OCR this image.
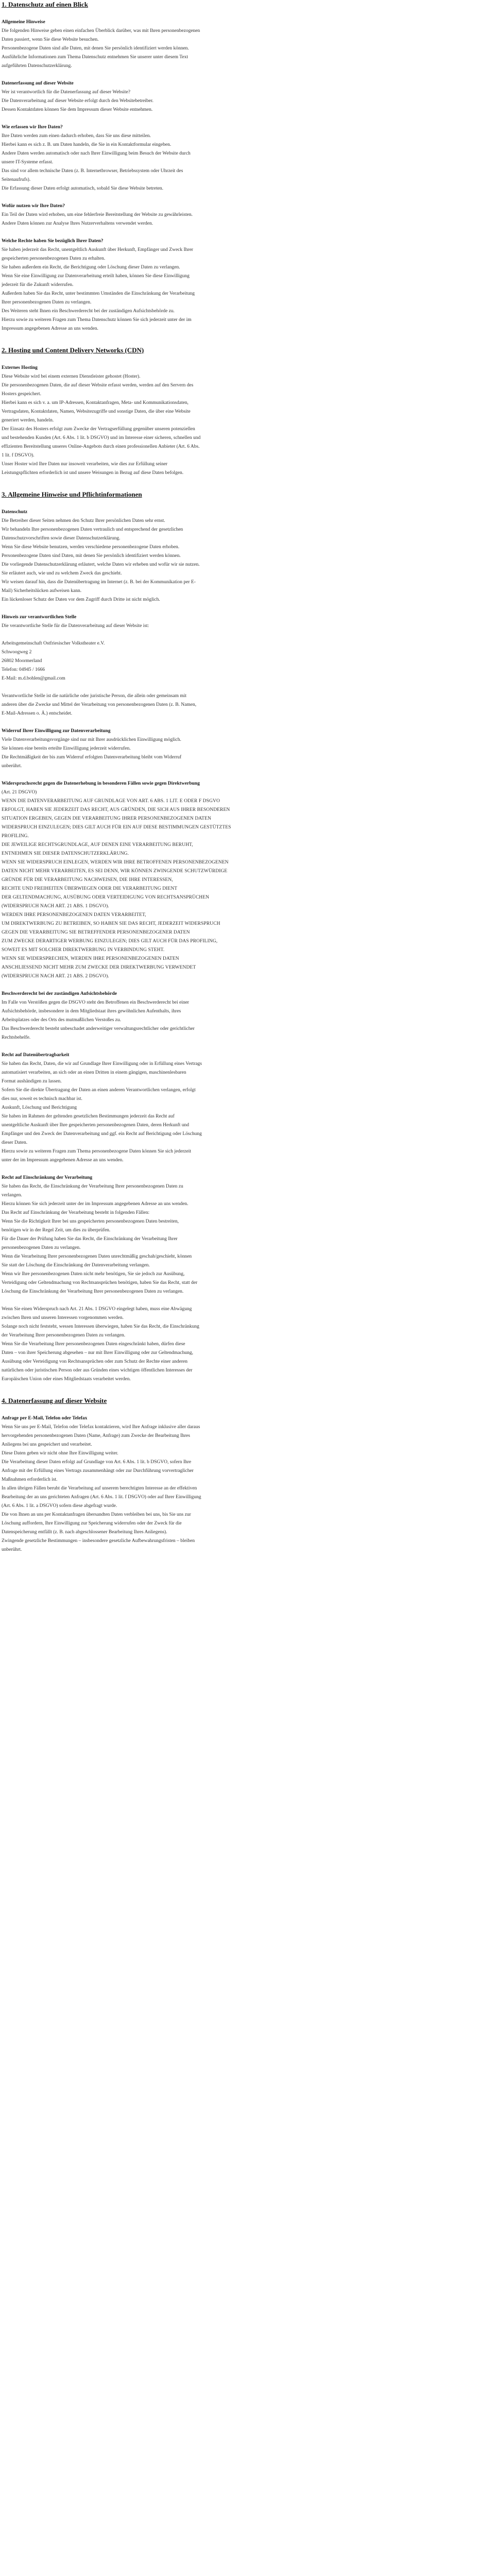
1. Datenschutz auf einen Blick
Allgemeine Hinweise
Die folgenden Hinweise geben einen einfachen Überblick darüber, was mit Ihren personenbezogenen
Daten passiert, wenn Sie diese Website besuchen.
Personenbezogene Daten sind alle Daten, mit denen Sie persönlich identifiziert werden können.
Ausführliche Informationen zum Thema Datenschutz entnehmen Sie unserer unter diesem Text
aufgeführten Datenschutzerklärung.
Datenerfassung auf dieser Website
Wer ist verantwortlich für die Datenerfassung auf dieser Website?
Die Datenverarbeitung auf dieser Website erfolgt durch den Websitebetreiber.
Dessen Kontaktdaten können Sie dem Impressum dieser Website entnehmen.
Wie erfassen wir Ihre Daten?
Ihre Daten werden zum einen dadurch erhoben, dass Sie uns diese mitteilen.
Hierbei kann es sich z. B. um Daten handeln, die Sie in ein Kontaktformular eingeben.
Andere Daten werden automatisch oder nach Ihrer Einwilligung beim Besuch der Website durch
unsere IT-Systeme erfasst.
Das sind vor allem technische Daten (z. B. Internetbrowser, Betriebssystem oder Uhrzeit des
Seitenaufrufs).
Die Erfassung dieser Daten erfolgt automatisch, sobald Sie diese Website betreten.
Wofür nutzen wir Ihre Daten?
Ein Teil der Daten wird erhoben, um eine fehlerfreie Bereitstellung der Website zu gewährleisten.
Andere Daten können zur Analyse Ihres Nutzerverhaltens verwendet werden.
Welche Rechte haben Sie bezüglich Ihrer Daten?
Sie haben jederzeit das Recht, unentgeltlich Auskunft über Herkunft, Empfänger und Zweck Ihrer
gespeicherten personenbezogenen Daten zu erhalten.
Sie haben außerdem ein Recht, die Berichtigung oder Löschung dieser Daten zu verlangen.
Wenn Sie eine Einwilligung zur Datenverarbeitung erteilt haben, können Sie diese Einwilligung
jederzeit für die Zukunft widerrufen.
Außerdem haben Sie das Recht, unter bestimmten Umständen die Einschränkung der Verarbeitung
Ihrer personenbezogenen Daten zu verlangen.
Des Weiteren steht Ihnen ein Beschwerderecht bei der zuständigen Aufsichtsbehörde zu.
Hierzu sowie zu weiteren Fragen zum Thema Datenschutz können Sie sich jederzeit unter der im
Impressum angegebenen Adresse an uns wenden.
2. Hosting und Content Delivery Networks (CDN)
Externes Hosting
Diese Website wird bei einem externen Dienstleister gehostet (Hoster).
Die personenbezogenen Daten, die auf dieser Website erfasst werden, werden auf den Servern des
Hosters gespeichert.
Hierbei kann es sich v. a. um IP-Adressen, Kontaktanfragen, Meta- und Kommunikationsdaten,
Vertragsdaten, Kontaktdaten, Namen, Websitezugriffe und sonstige Daten, die über eine Website
generiert werden, handeln.
Der Einsatz des Hosters erfolgt zum Zwecke der Vertragserfüllung gegenüber unseren potenziellen
und bestehenden Kunden (Art. 6 Abs. 1 lit. b DSGVO) und im Interesse einer sicheren, schnellen und
effizienten Bereitstellung unseres Online-Angebots durch einen professionellen Anbieter (Art. 6 Abs.
1 lit. f DSGVO).
Unser Hoster wird Ihre Daten nur insoweit verarbeiten, wie dies zur Erfüllung seiner
Leistungspflichten erforderlich ist und unsere Weisungen in Bezug auf diese Daten befolgen.
3. Allgemeine Hinweise und Pflichtinformationen
Datenschutz
Die Betreiber dieser Seiten nehmen den Schutz Ihrer persönlichen Daten sehr ernst.
Wir behandeln Ihre personenbezogenen Daten vertraulich und entsprechend der gesetzlichen
Datenschutzvorschriften sowie dieser Datenschutzerklärung.
Wenn Sie diese Website benutzen, werden verschiedene personenbezogene Daten erhoben.
Personenbezogene Daten sind Daten, mit denen Sie persönlich identifiziert werden können.
Die vorliegende Datenschutzerklärung erläutert, welche Daten wir erheben und wofür wir sie nutzen.
Sie erläutert auch, wie und zu welchem Zweck das geschieht.
Wir weisen darauf hin, dass die Datenübertragung im Internet (z. B. bei der Kommunikation per E-
Mail) Sicherheitslücken aufweisen kann.
Ein lückenloser Schutz der Daten vor dem Zugriff durch Dritte ist nicht möglich.
Hinweis zur verantwortlichen Stelle
Die verantwortliche Stelle für die Datenverarbeitung auf dieser Website ist:
Arbeitsgemeinschaft Ostfriesischer Volkstheater e.V.
Schwoogweg 2
26802 Moormerland
Telefon: 04945 / 1666
E-Mail: m.d.bohlen@gmail.com
Verantwortliche Stelle ist die natürliche oder juristische Person, die allein oder gemeinsam mit
anderen über die Zwecke und Mittel der Verarbeitung von personenbezogenen Daten (z. B. Namen,
E-Mail-Adressen o. Ä.) entscheidet.
Widerruf Ihrer Einwilligung zur Datenverarbeitung
Viele Datenverarbeitungsvorgänge sind nur mit Ihrer ausdrücklichen Einwilligung möglich.
Sie können eine bereits erteilte Einwilligung jederzeit widerrufen.
Die Rechtmäßigkeit der bis zum Widerruf erfolgten Datenverarbeitung bleibt vom Widerruf
unberührt.
Widerspruchsrecht gegen die Datenerhebung in besonderen Fällen sowie gegen Direktwerbung
(Art. 21 DSGVO)
WENN DIE DATENVERARBEITUNG AUF GRUNDLAGE VON ART. 6 ABS. 1 LIT. E ODER F DSGVO
ERFOLGT, HABEN SIE JEDERZEIT DAS RECHT, AUS GRÜNDEN, DIE SICH AUS IHRER BESONDEREN
SITUATION ERGEBEN, GEGEN DIE VERARBEITUNG IHRER PERSONENBEZOGENEN DATEN
WIDERSPRUCH EINZULEGEN; DIES GILT AUCH FÜR EIN AUF DIESE BESTIMMUNGEN GESTÜTZTES
PROFILING.
DIE JEWEILIGE RECHTSGRUNDLAGE, AUF DENEN EINE VERARBEITUNG BERUHT,
ENTNEHMEN SIE DIESER DATENSCHUTZERKLÄRUNG.
WENN SIE WIDERSPRUCH EINLEGEN, WERDEN WIR IHRE BETROFFENEN PERSONENBEZOGENEN
DATEN NICHT MEHR VERARBEITEN, ES SEI DENN, WIR KÖNNEN ZWINGENDE SCHUTZWÜRDIGE
GRÜNDE FÜR DIE VERARBEITUNG NACHWEISEN, DIE IHRE INTERESSEN,
RECHTE UND FREIHEITEN ÜBERWIEGEN ODER DIE VERARBEITUNG DIENT
DER GELTENDMACHUNG, AUSÜBUNG ODER VERTEIDIGUNG VON RECHTSANSPRÜCHEN
(WIDERSPRUCH NACH ART. 21 ABS. 1 DSGVO).
WERDEN IHRE PERSONENBEZOGENEN DATEN VERARBEITET,
UM DIREKTWERBUNG ZU BETREIBEN, SO HABEN SIE DAS RECHT, JEDERZEIT WIDERSPRUCH
GEGEN DIE VERARBEITUNG SIE BETREFFENDER PERSONENBEZOGENER DATEN
ZUM ZWECKE DERARTIGER WERBUNG EINZULEGEN; DIES GILT AUCH FÜR DAS PROFILING,
SOWEIT ES MIT SOLCHER DIREKTWERBUNG IN VERBINDUNG STEHT.
WENN SIE WIDERSPRECHEN, WERDEN IHRE PERSONENBEZOGENEN DATEN
ANSCHLIESSEND NICHT MEHR ZUM ZWECKE DER DIREKTWERBUNG VERWENDET
(WIDERSPRUCH NACH ART. 21 ABS. 2 DSGVO).
Beschwerderecht bei der zuständigen Aufsichtsbehörde
Im Falle von Verstößen gegen die DSGVO steht den Betroffenen ein Beschwerderecht bei einer
Aufsichtsbehörde, insbesondere in dem Mitgliedstaat ihres gewöhnlichen Aufenthalts, ihres
Arbeitsplatzes oder des Orts des mutmaßlichen Verstoßes zu.
Das Beschwerderecht besteht unbeschadet anderweitiger verwaltungsrechtlicher oder gerichtlicher
Rechtsbehelfe.
Recht auf Datenübertragbarkeit
Sie haben das Recht, Daten, die wir auf Grundlage Ihrer Einwilligung oder in Erfüllung eines Vertrags
automatisiert verarbeiten, an sich oder an einen Dritten in einem gängigen, maschinenlesbaren
Format aushändigen zu lassen.
Sofern Sie die direkte Übertragung der Daten an einen anderen Verantwortlichen verlangen, erfolgt
dies nur, soweit es technisch machbar ist.
Auskunft, Löschung und Berichtigung
Sie haben im Rahmen der geltenden gesetzlichen Bestimmungen jederzeit das Recht auf
unentgeltliche Auskunft über Ihre gespeicherten personenbezogenen Daten, deren Herkunft und
Empfänger und den Zweck der Datenverarbeitung und ggf. ein Recht auf Berichtigung oder Löschung
dieser Daten.
Hierzu sowie zu weiteren Fragen zum Thema personenbezogene Daten können Sie sich jederzeit
unter der im Impressum angegebenen Adresse an uns wenden.
Recht auf Einschränkung der Verarbeitung
Sie haben das Recht, die Einschränkung der Verarbeitung Ihrer personenbezogenen Daten zu
verlangen.
Hierzu können Sie sich jederzeit unter der im Impressum angegebenen Adresse an uns wenden.
Das Recht auf Einschränkung der Verarbeitung besteht in folgenden Fällen:
Wenn Sie die Richtigkeit Ihrer bei uns gespeicherten personenbezogenen Daten bestreiten,
benötigen wir in der Regel Zeit, um dies zu überprüfen.
Für die Dauer der Prüfung haben Sie das Recht, die Einschränkung der Verarbeitung Ihrer
personenbezogenen Daten zu verlangen.
Wenn die Verarbeitung Ihrer personenbezogenen Daten unrechtmäßig geschah/geschieht, können
Sie statt der Löschung die Einschränkung der Datenverarbeitung verlangen.
Wenn wir Ihre personenbezogenen Daten nicht mehr benötigen, Sie sie jedoch zur Ausübung,
Verteidigung oder Geltendmachung von Rechtsansprüchen benötigen, haben Sie das Recht, statt der
Löschung die Einschränkung der Verarbeitung Ihrer personenbezogenen Daten zu verlangen.
Wenn Sie einen Widerspruch nach Art. 21 Abs. 1 DSGVO eingelegt haben, muss eine Abwägung
zwischen Ihren und unseren Interessen vorgenommen werden.
Solange noch nicht feststeht, wessen Interessen überwiegen, haben Sie das Recht, die Einschränkung
der Verarbeitung Ihrer personenbezogenen Daten zu verlangen.
Wenn Sie die Verarbeitung Ihrer personenbezogenen Daten eingeschränkt haben, dürfen diese
Daten – von ihrer Speicherung abgesehen – nur mit Ihrer Einwilligung oder zur Geltendmachung,
Ausübung oder Verteidigung von Rechtsansprüchen oder zum Schutz der Rechte einer anderen
natürlichen oder juristischen Person oder aus Gründen eines wichtigen öffentlichen Interesses der
Europäischen Union oder eines Mitgliedstaats verarbeitet werden.
4. Datenerfassung auf dieser Website
Anfrage per E-Mail, Telefon oder Telefax
Wenn Sie uns per E-Mail, Telefon oder Telefax kontaktieren, wird Ihre Anfrage inklusive aller daraus
hervorgehenden personenbezogenen Daten (Name, Anfrage) zum Zwecke der Bearbeitung Ihres
Anliegens bei uns gespeichert und verarbeitet.
Diese Daten geben wir nicht ohne Ihre Einwilligung weiter.
Die Verarbeitung dieser Daten erfolgt auf Grundlage von Art. 6 Abs. 1 lit. b DSGVO, sofern Ihre
Anfrage mit der Erfüllung eines Vertrags zusammenhängt oder zur Durchführung vorvertraglicher
Maßnahmen erforderlich ist.
In allen übrigen Fällen beruht die Verarbeitung auf unserem berechtigten Interesse an der effektiven
Bearbeitung der an uns gerichteten Anfragen (Art. 6 Abs. 1 lit. f DSGVO) oder auf Ihrer Einwilligung
(Art. 6 Abs. 1 lit. a DSGVO) sofern diese abgefragt wurde.
Die von Ihnen an uns per Kontaktanfragen übersandten Daten verbleiben bei uns, bis Sie uns zur
Löschung auffordern, Ihre Einwilligung zur Speicherung widerrufen oder der Zweck für die
Datenspeicherung entfällt (z. B. nach abgeschlossener Bearbeitung Ihres Anliegens).
Zwingende gesetzliche Bestimmungen – insbesondere gesetzliche Aufbewahrungsfristen – bleiben
unberührt.
